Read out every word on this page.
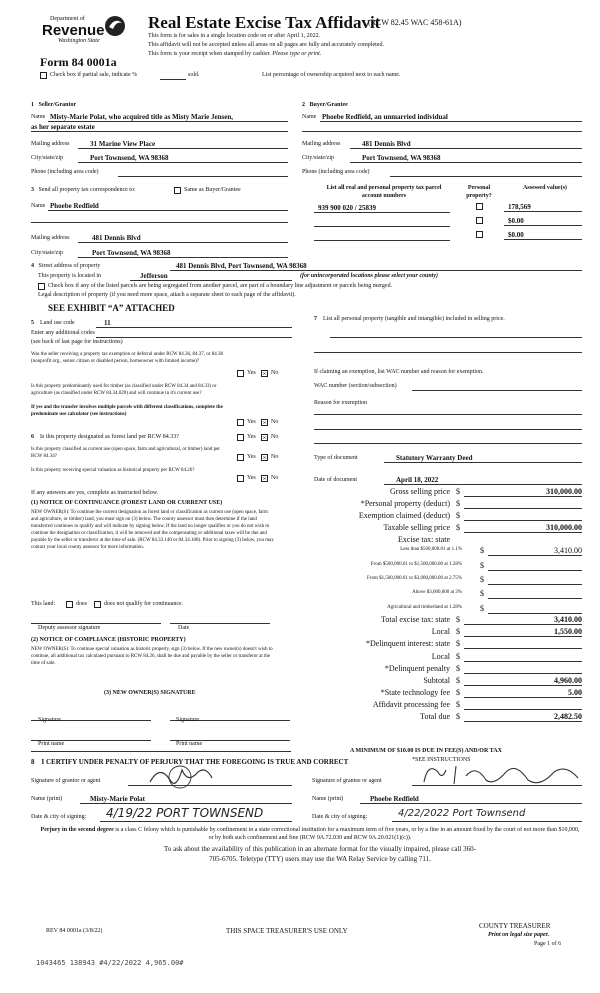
Department of
Revenue
Washington State
Real Estate Excise Tax Affidavit
(RCW 82.45 WAC 458-61A)
This form is for sales in a single location code on or after April 1, 2022.
This affidavit will not be accepted unless all areas on all pages are fully and accurately completed.
This form is your receipt when stamped by cashier. Please type or print.
Form 84 0001a
Check box if partial sale, indicate %	sold.	List percentage of ownership acquired next to each name.
1 Seller/Grantor
Name Misty-Marie Polat, who acquired title as Misty Marie Jensen,
as her separate estate
Mailing address	31 Marine View Place
City/state/zip	Port Townsend, WA 98368
Phone (including area code)
2 Buyer/Grantee
Name Phoebe Redfield, an unmarried individual
Mailing address	481 Dennis Blvd
City/state/zip	Port Townsend, WA 98368
Phone (including area code)
3 Send all property tax correspondence to:	Same as Buyer/Grantee
Name Phoebe Redfield
Mailing address	481 Dennis Blvd
City/state/zip	Port Townsend, WA 98368
List all real and personal property tax parcel account numbers
Personal property?
Assessed value(s)
939 900 020 / 25839	178,569
$0.00
$0.00
4 Street address of property	481 Dennis Blvd, Port Townsend, WA 98368
This property is located in	Jefferson	(for unincorporated locations please select your county)
Check box if any of the listed parcels are being segregated from another parcel, are part of a boundary line adjustment or parcels being merged.
Legal description of property (if you need more space, attach a separate sheet to each page of the affidavit).
SEE EXHIBIT “A” ATTACHED
5 Land use code	11
Enter any additional codes
(see back of last page for instructions)
Was the seller receiving a property tax exemption or deferral under RCW 84.36, 84.37, or 84.38 (nonprofit org., senior citizen or disabled person, homeowner with limited income)?
Yes × No
Is this property predominantly used for timber (as classified under RCW 84.34 and 84.33) or agriculture (as classified under RCW 84.34.020) and will continue in it's current use?
If yes and the transfer involves multiple parcels with different classifications, complete the predominate use calculator (see instructions)
Yes × No
6 Is this property designated as forest land per RCW 84.33?	Yes × No
Is this property classified as current use (open space, farm and agricultural, or timber) land per RCW 84.34?	Yes × No
Is this property receiving special valuation as historical property per RCW 84.26?
Yes × No
If any answers are yes, complete as instructed below.
(1) NOTICE OF CONTINUANCE (FOREST LAND OR CURRENT USE)
NEW OWNER(S): To continue the current designation as forest land or classification as current use (open space, farm and agriculture, or timber) land, you must sign on (3) below. The county assessor must then determine if the land transferred continues to qualify and will indicate by signing below. If the land no longer qualifies or you do not wish to continue the designation or classification, it will be removed and the compensating or additional taxes will be due and payable by the seller or transferor at the time of sale. (RCW 84.33.140 or 84.34.108). Prior to signing (3) below, you may contact your local county assessor for more information.
This land:	does	does not qualify for continuance.
Deputy assessor signature	Date
(2) NOTICE OF COMPLIANCE (HISTORIC PROPERTY)
NEW OWNER(S): To continue special valuation as historic property, sign (3) below. If the new owner(s) doesn't wish to continue, all additional tax calculated pursuant to RCW 84.26, shall be due and payable by the seller or transferor at the time of sale.
(3) NEW OWNER(S) SIGNATURE
Signature	Signature
Print name	Print name
7 List all personal property (tangible and intangible) included in selling price.
If claiming an exemption, list WAC number and reason for exemption.
WAC number (section/subsection)
Reason for exemption
Type of document	Statutory Warranty Deed
Date of document	April 18, 2022
Gross selling price $	310,000.00
*Personal property (deduct) $
Exemption claimed (deduct) $
Taxable selling price $	310,000.00
Excise tax: state
Less than $500,000.01 at 1.1% $	3,410.00
From $500,000.01 to $1,500,000.00 at 1.28% $
From $1,500,000.01 to $3,000,000.00 at 2.75% $
Above $3,000,000 at 3% $
Agricultural and timberland at 1.28% $
Total excise tax: state $	3,410.00
Local $	1,550.00
*Delinquent interest: state $
Local $
*Delinquent penalty $
Subtotal $	4,960.00
*State technology fee $	5.00
Affidavit processing fee $
Total due $	2,482.50
A MINIMUM OF $10.00 IS DUE IN FEE(S) AND/OR TAX
*SEE INSTRUCTIONS
8 I CERTIFY UNDER PENALTY OF PERJURY THAT THE FOREGOING IS TRUE AND CORRECT
Signature of grantor or agent	Signature of grantee or agent
Name (print)	Misty-Marie Polat	Name (print)	Phoebe Redfield
Date & city of signing: 4/19/22 PORT TOWNSEND	Date & city of signing:	4/22/2022 Port Townsend
Perjury in the second degree is a class C felony which is punishable by confinement in a state correctional institution for a maximum term of five years, or by a fine in an amount fixed by the court of not more than $10,000, or by both such confinement and fine (RCW 9A.72.030 and RCW 9A.20.021(1)(c)).
To ask about the availability of this publication in an alternate format for the visually impaired, please call 360-705-6705. Teletype (TTY) users may use the WA Relay Service by calling 711.
REV 84 0001a (3/8/22)	THIS SPACE TREASURER'S USE ONLY
COUNTY TREASURER
Print on legal size paper.
Page 1 of 6
1043465 138943 #4/22/2022 4,965.00#
